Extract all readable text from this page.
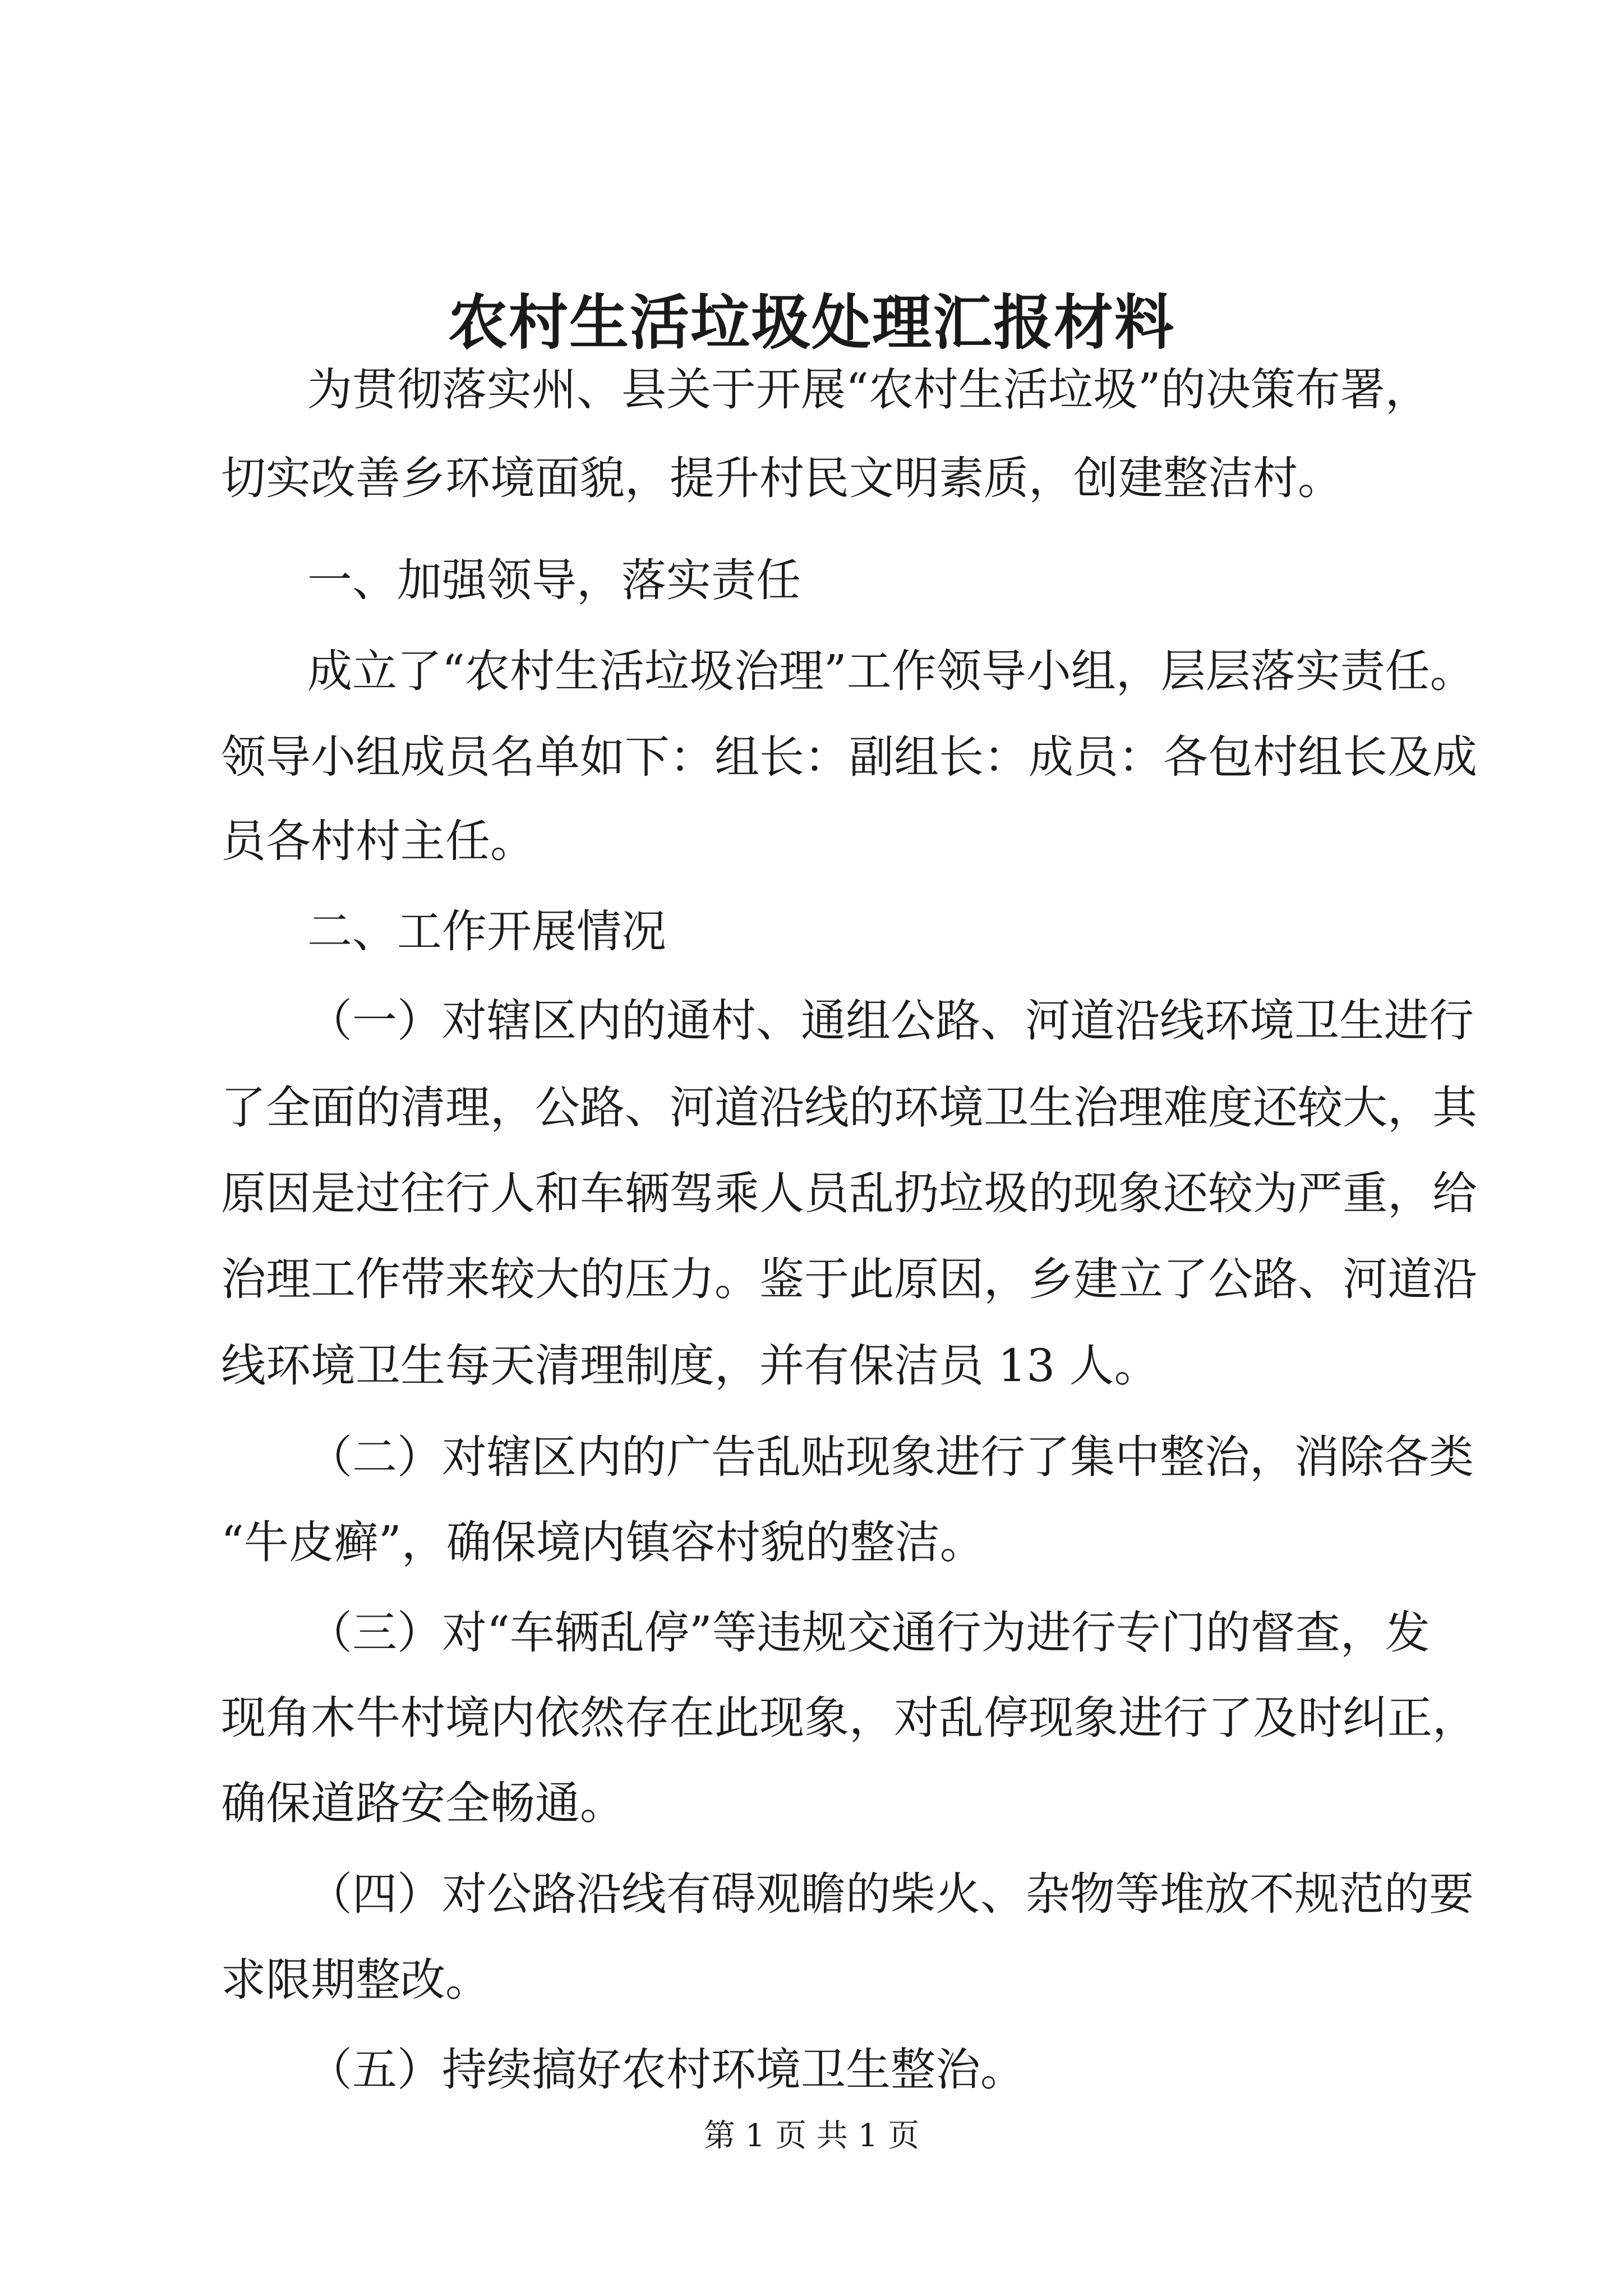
农村生活垃圾处理汇报材料
为贯彻落实州、县关于开展“农村生活垃圾”的决策布署，
切实改善乡环境面貌，提升村民文明素质，创建整洁村。
一、加强领导，落实责任
成立了“农村生活垃圾治理”工作领导小组，层层落实责任。
领导小组成员名单如下：组长：副组长：成员：各包村组长及成
员各村村主任。
二、工作开展情况
（一）对辖区内的通村、通组公路、河道沿线环境卫生进行
了全面的清理，公路、河道沿线的环境卫生治理难度还较大，其
原因是过往行人和车辆驾乘人员乱扔垃圾的现象还较为严重，给
治理工作带来较大的压力。鉴于此原因，乡建立了公路、河道沿
线环境卫生每天清理制度，并有保洁员 13 人。
（二）对辖区内的广告乱贴现象进行了集中整治，消除各类
“牛皮癣”，确保境内镇容村貌的整洁。
（三）对“车辆乱停”等违规交通行为进行专门的督查，发
现角木牛村境内依然存在此现象，对乱停现象进行了及时纠正，
确保道路安全畅通。
（四）对公路沿线有碍观瞻的柴火、杂物等堆放不规范的要
求限期整改。
（五）持续搞好农村环境卫生整治。
第 1 页 共 1 页
